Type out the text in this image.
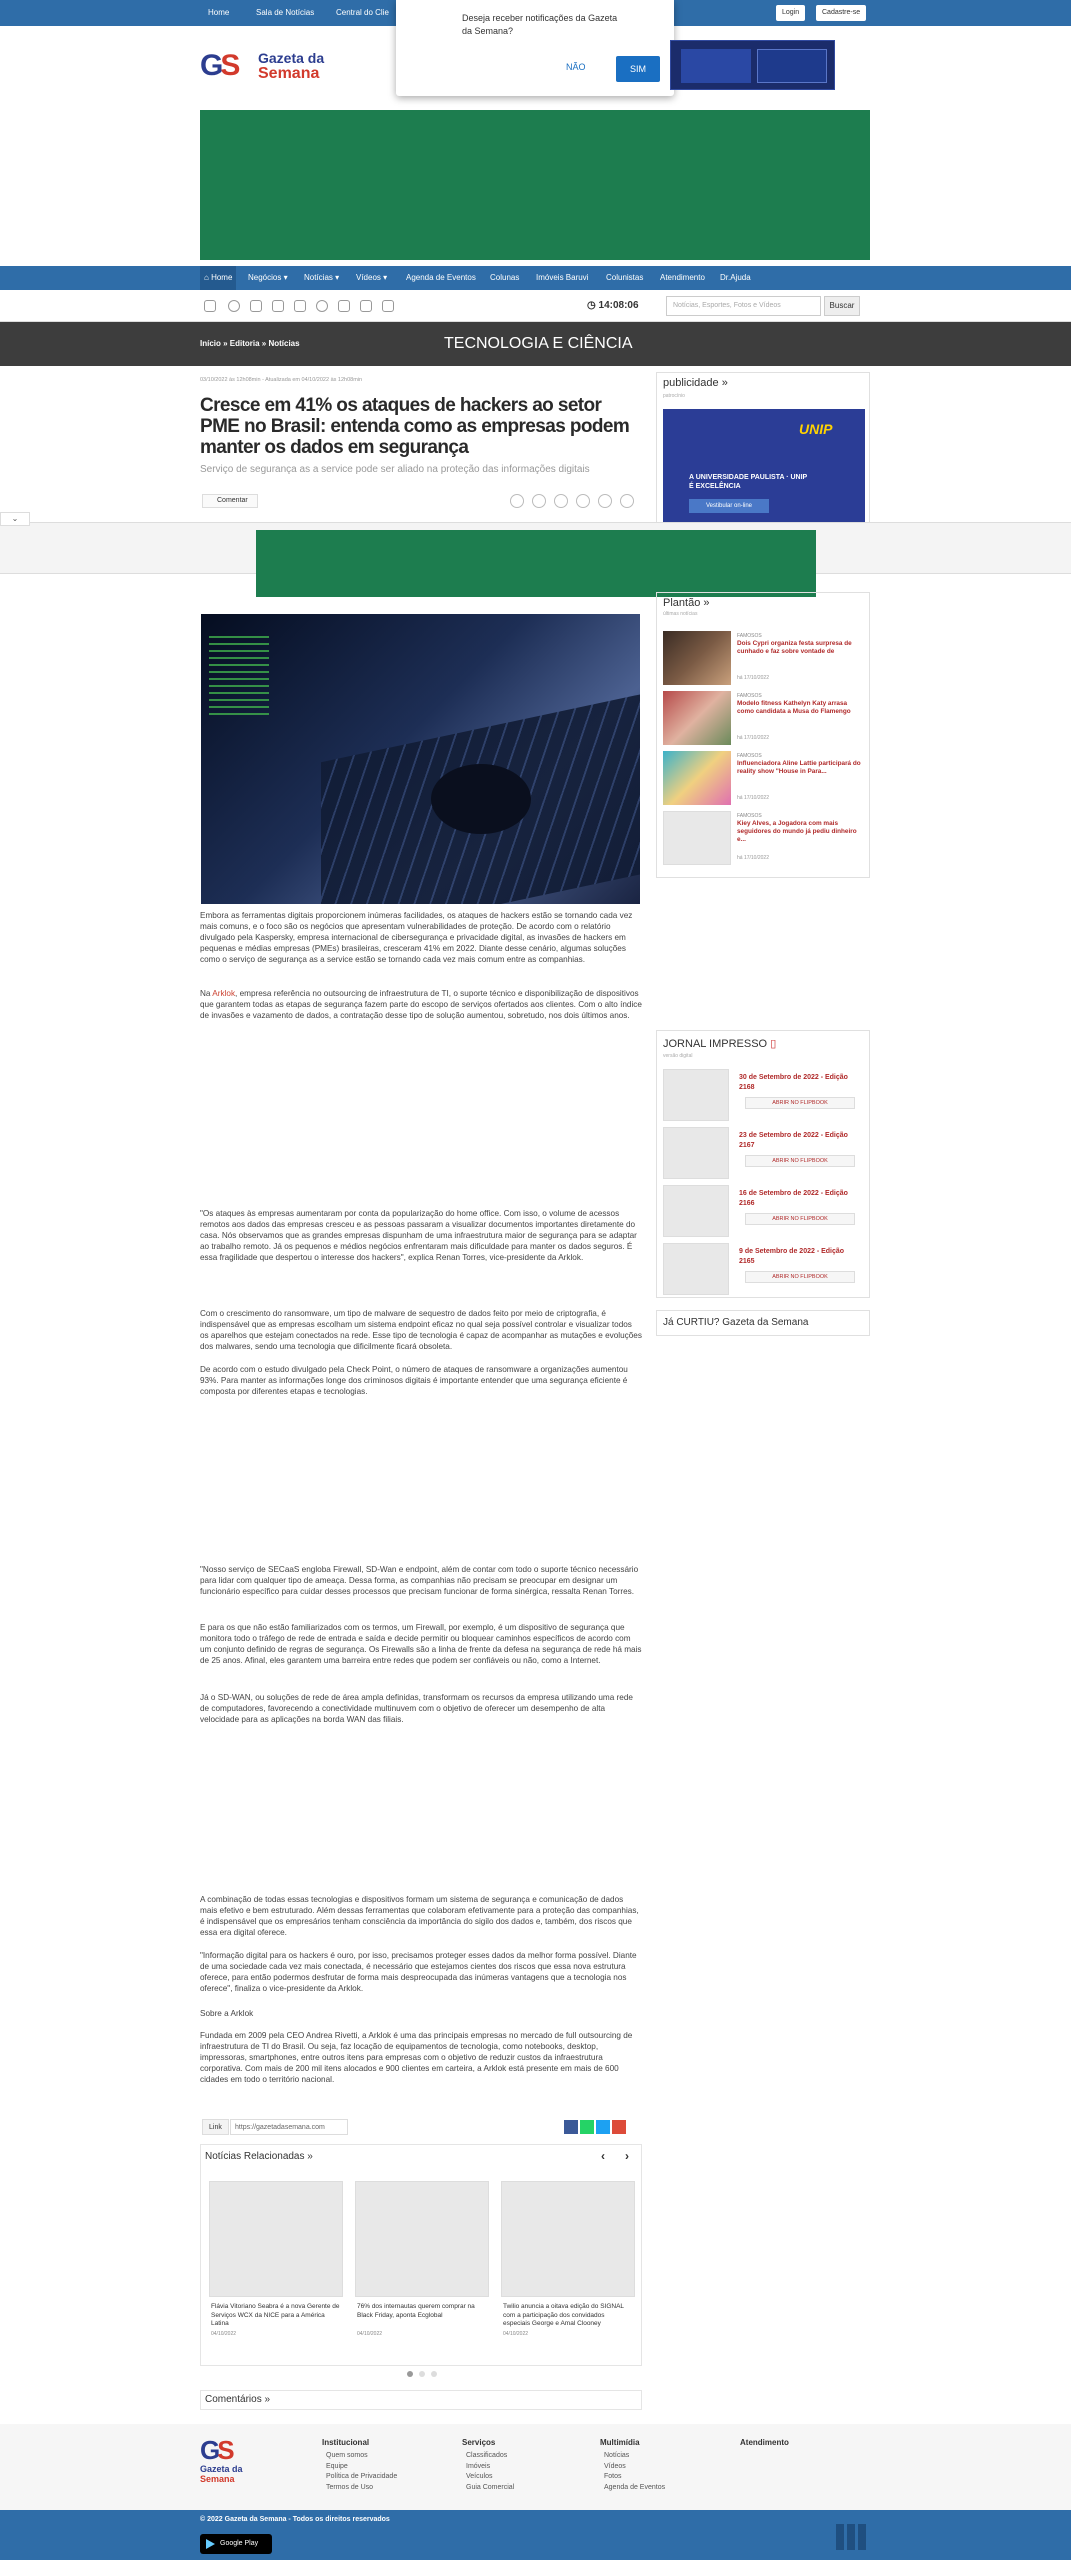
Home	Sala de Notícias	Central do Clie	Login	Cadastre-se
Deseja receber notificações da Gazeta da Semana?
NÃO	SIM
GS	Gazeta da
Semana
⌂ Home	Negócios ▾ Notícias ▾ Vídeos ▾ Agenda de Eventos Colunas Imóveis Baruvi Colunistas Atendimento Dr.Ajuda
◷ 14:08:06	Notícias, Esportes, Fotos e Vídeos	Buscar
Início » Editoria » Notícias	TECNOLOGIA E CIÊNCIA
03/10/2022 às 12h08min - Atualizada em 04/10/2022 às 12h08min
Cresce em 41% os ataques de hackers ao setor PME no Brasil: entenda como as empresas podem manter os dados em segurança
Serviço de segurança as a service pode ser aliado na proteção das informações digitais
Comentar
publicidade »
patrocínio
UNIP
A UNIVERSIDADE PAULISTA · UNIP É EXCELÊNCIA
Vestibular on-line
⌄

Embora as ferramentas digitais proporcionem inúmeras facilidades, os ataques de hackers estão se tornando cada vez mais comuns, e o foco são os negócios que apresentam vulnerabilidades de proteção. De acordo com o relatório divulgado pela Kaspersky, empresa internacional de cibersegurança e privacidade digital, as invasões de hackers em pequenas e médias empresas (PMEs) brasileiras, cresceram 41% em 2022. Diante desse cenário, algumas soluções como o serviço de segurança as a service estão se tornando cada vez mais comum entre as companhias.

Na Arklok, empresa referência no outsourcing de infraestrutura de TI, o suporte técnico e disponibilização de dispositivos que garantem todas as etapas de segurança fazem parte do escopo de serviços ofertados aos clientes. Com o alto índice de invasões e vazamento de dados, a contratação desse tipo de solução aumentou, sobretudo, nos dois últimos anos.

"Os ataques às empresas aumentaram por conta da popularização do home office. Com isso, o volume de acessos remotos aos dados das empresas cresceu e as pessoas passaram a visualizar documentos importantes diretamente do casa. Nós observamos que as grandes empresas dispunham de uma infraestrutura maior de segurança para se adaptar ao trabalho remoto. Já os pequenos e médios negócios enfrentaram mais dificuldade para manter os dados seguros. É essa fragilidade que despertou o interesse dos hackers", explica Renan Torres, vice-presidente da Arklok.

Com o crescimento do ransomware, um tipo de malware de sequestro de dados feito por meio de criptografia, é indispensável que as empresas escolham um sistema endpoint eficaz no qual seja possível controlar e visualizar todos os aparelhos que estejam conectados na rede. Esse tipo de tecnologia é capaz de acompanhar as mutações e evoluções dos malwares, sendo uma tecnologia que dificilmente ficará obsoleta.

De acordo com o estudo divulgado pela Check Point, o número de ataques de ransomware a organizações aumentou 93%. Para manter as informações longe dos criminosos digitais é importante entender que uma segurança eficiente é composta por diferentes etapas e tecnologias.

"Nosso serviço de SECaaS engloba Firewall, SD-Wan e endpoint, além de contar com todo o suporte técnico necessário para lidar com qualquer tipo de ameaça. Dessa forma, as companhias não precisam se preocupar em designar um funcionário específico para cuidar desses processos que precisam funcionar de forma sinérgica, ressalta Renan Torres.

E para os que não estão familiarizados com os termos, um Firewall, por exemplo, é um dispositivo de segurança que monitora todo o tráfego de rede de entrada e saída e decide permitir ou bloquear caminhos específicos de acordo com um conjunto definido de regras de segurança. Os Firewalls são a linha de frente da defesa na segurança de rede há mais de 25 anos. Afinal, eles garantem uma barreira entre redes que podem ser confiáveis ou não, como a Internet.

Já o SD-WAN, ou soluções de rede de área ampla definidas, transformam os recursos da empresa utilizando uma rede de computadores, favorecendo a conectividade multinuvem com o objetivo de oferecer um desempenho de alta velocidade para as aplicações na borda WAN das filiais.

A combinação de todas essas tecnologias e dispositivos formam um sistema de segurança e comunicação de dados mais efetivo e bem estruturado. Além dessas ferramentas que colaboram efetivamente para a proteção das companhias, é indispensável que os empresários tenham consciência da importância do sigilo dos dados e, também, dos riscos que essa era digital oferece.

"Informação digital para os hackers é ouro, por isso, precisamos proteger esses dados da melhor forma possível. Diante de uma sociedade cada vez mais conectada, é necessário que estejamos cientes dos riscos que essa nova estrutura oferece, para então podermos desfrutar de forma mais despreocupada das inúmeras vantagens que a tecnologia nos oferece", finaliza o vice-presidente da Arklok.

Sobre a Arklok

Fundada em 2009 pela CEO Andrea Rivetti, a Arklok é uma das principais empresas no mercado de full outsourcing de infraestrutura de TI do Brasil. Ou seja, faz locação de equipamentos de tecnologia, como notebooks, desktop, impressoras, smartphones, entre outros itens para empresas com o objetivo de reduzir custos da infraestrutura corporativa. Com mais de 200 mil itens alocados e 900 clientes em carteira, a Arklok está presente em mais de 600 cidades em todo o território nacional.

Plantão »
últimas notícias
FAMOSOS
Dois Cypri organiza festa surpresa de cunhado e faz sobre vontade de
há 17/10/2022
FAMOSOS
Modelo fitness Kathelyn Katy arrasa como candidata a Musa do Flamengo
há 17/10/2022
FAMOSOS
Influenciadora Aline Lattie participará do reality show "House in Para...
há 17/10/2022
FAMOSOS
Kiey Alves, a Jogadora com mais seguidores do mundo já pediu dinheiro e...
há 17/10/2022
JORNAL IMPRESSO ▯
versão digital
30 de Setembro de 2022 - Edição 2168
ABRIR NO FLIPBOOK
23 de Setembro de 2022 - Edição 2167
ABRIR NO FLIPBOOK
16 de Setembro de 2022 - Edição 2166
ABRIR NO FLIPBOOK
9 de Setembro de 2022 - Edição 2165
ABRIR NO FLIPBOOK
Já CURTIU? Gazeta da Semana
Link	https://gazetadasemana.com
Notícias Relacionadas »	‹ ›
Flávia Vitoriano Seabra é a nova Gerente de Serviços WCX da NICE para a América Latina
04/10/2022
76% dos internautas querem comprar na Black Friday, aponta Ecglobal
04/10/2022
Twilio anuncia a oitava edição do SIGNAL com a participação dos convidados especiais George e Amal Clooney
04/10/2022
Comentários »
GS
Gazeta da
Semana
Institucional
Quem somos
Equipe
Política de Privacidade
Termos de Uso
Serviços
Classificados
Imóveis
Veículos
Guia Comercial
Multimídia
Notícias
Vídeos
Fotos
Agenda de Eventos
Atendimento
© 2022 Gazeta da Semana - Todos os direitos reservados
Google Play
